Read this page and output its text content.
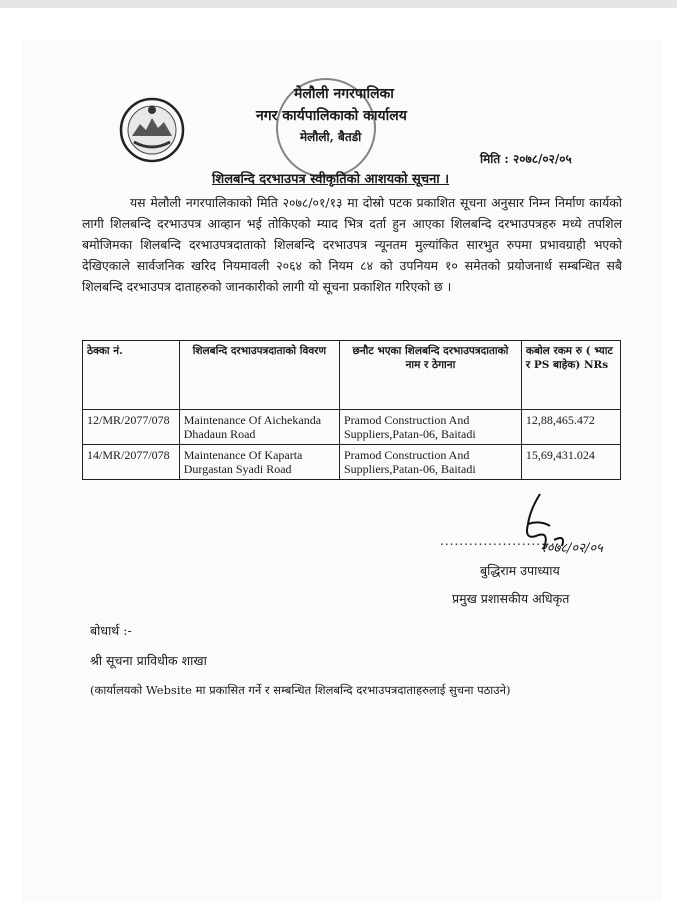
मेलौली नगरपालिका
नगर कार्यपालिकाको कार्यालय
मेलौली, बैतडी
मिति : २०७८/०२/०५
शिलबन्दि दरभाउपत्र स्वीकृतिको आशयको सूचना ।
यस मेलौली नगरपालिकाको मिति २०७८/०१/१३ मा दोस्रो पटक प्रकाशित सूचना अनुसार निम्न निर्माण कार्यको लागी शिलबन्दि दरभाउपत्र आव्हान भई तोकिएको म्याद भित्र दर्ता हुन आएका शिलबन्दि दरभाउपत्रहरु मध्ये तपशिल बमोजिमका शिलबन्दि दरभाउपत्रदाताको शिलबन्दि दरभाउपत्र न्यूनतम मुल्यांकित सारभुत रुपमा प्रभावग्राही भएको देखिएकाले सार्वजनिक खरिद नियमावली २०६४ को नियम ८४ को उपनियम १० समेतको प्रयोजनार्थ सम्बन्धित सबै शिलबन्दि दरभाउपत्र दाताहरुको जानकारीको लागी यो सूचना प्रकाशित गरिएको छ ।
ठेक्का नं.	शिलबन्दि दरभाउपत्रदाताको विवरण	छनौट भएका शिलबन्दि दरभाउपत्रदाताको नाम र ठेगाना	कबोल रकम रु ( भ्याट र PS बाहेक) NRs
12/MR/2077/078	Maintenance Of Aichekanda Dhadaun Road	Pramod Construction And Suppliers,Patan-06, Baitadi	12,88,465.472
14/MR/2077/078	Maintenance Of Kaparta Durgastan Syadi Road	Pramod Construction And Suppliers,Patan-06, Baitadi	15,69,431.024
..........................
२०७८/०२/०५
बुद्धिराम उपाध्याय
प्रमुख प्रशासकीय अधिकृत
बोधार्थ :-
श्री सूचना प्राविधीक शाखा
(कार्यालयको Website मा प्रकासित गर्ने र सम्बन्धित शिलबन्दि दरभाउपत्रदाताहरुलाई सुचना पठाउने)
